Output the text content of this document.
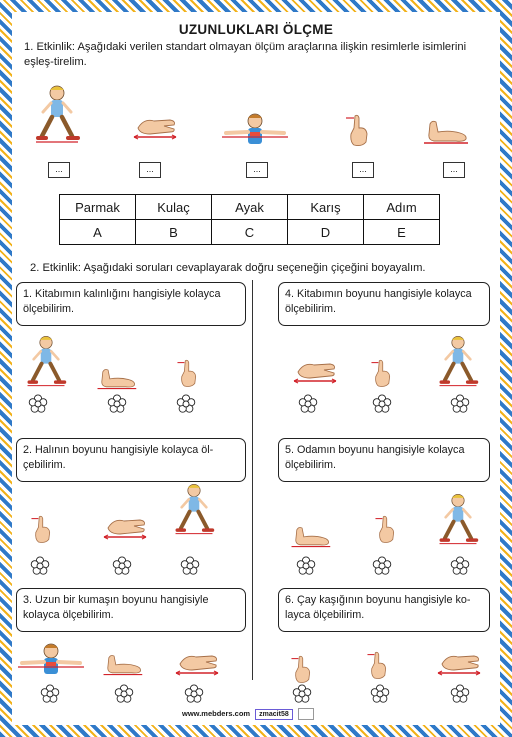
UZUNLUKLARI ÖLÇME
1. Etkinlik: Aşağıdaki verilen standart olmayan ölçüm araçlarına ilişkin resimlerle isimlerini eşleş-tirelim.
...	...	...	...	...
Parmak	Kulaç	Ayak	Karış	Adım
A	B	C	D	E
2. Etkinlik: Aşağıdaki soruları cevaplayarak doğru seçeneğin çiçeğini boyayalım.
1. Kitabımın kalınlığını hangisiyle kolayca ölçebilirim.
4. Kitabımın boyunu hangisiyle kolayca ölçebilirim.
2. Halının boyunu hangisiyle kolayca öl-çebilirim.
5. Odamın boyunu hangisiyle kolayca ölçebilirim.
3. Uzun bir kumaşın boyunu hangisiyle kolayca ölçebilirim.
6. Çay kaşığının boyunu hangisiyle ko-layca ölçebilirim.
www.mebders.com zmacit58
